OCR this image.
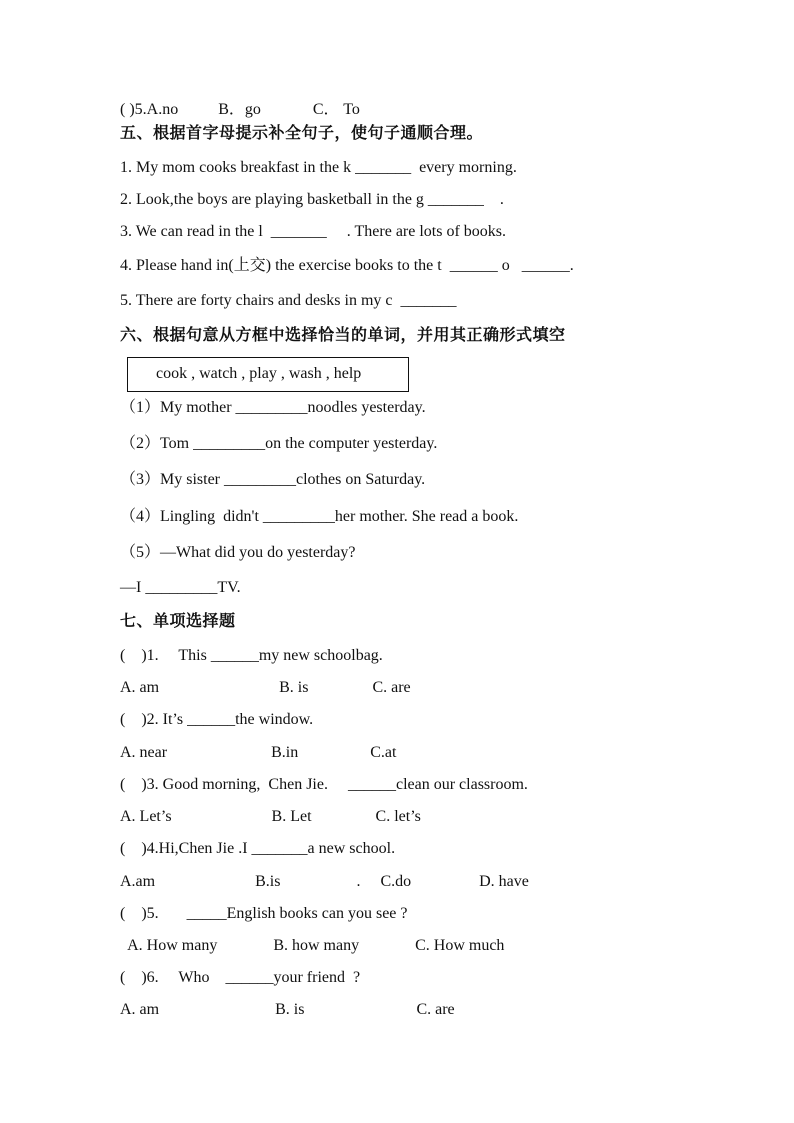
( )5.A.no          B．go             C． To
五、根据首字母提示补全句子，使句子通顺合理。
1. My mom cooks breakfast in the k _______  every morning.
2. Look,the boys are playing basketball in the g _______    .
3. We can read in the l  _______     . There are lots of books.
4. Please hand in(上交) the exercise books to the t  ______ o   ______.
5. There are forty chairs and desks in my c  _______
六、根据句意从方框中选择恰当的单词，并用其正确形式填空
cook , watch , play , wash , help
（1）My mother _________noodles yesterday.
（2）Tom _________on the computer yesterday.
（3）My sister _________clothes on Saturday.
（4）Lingling  didn't _________her mother. She read a book.
（5）—What did you do yesterday?
—I _________TV.
七、单项选择题
(    )1.     This ______my new schoolbag.
A. am                              B. is                C. are
(    )2. It’s ______the window.
A. near                          B.in                  C.at
(    )3. Good morning,  Chen Jie.     ______clean our classroom.
A. Let’s                         B. Let                C. let’s
(    )4.Hi,Chen Jie .I _______a new school.
A.am                         B.is                   .     C.do                 D. have
(    )5.       _____English books can you see ?
A. How many              B. how many              C. How much
(    )6.     Who    ______your friend  ?
A. am                             B. is                            C. are
